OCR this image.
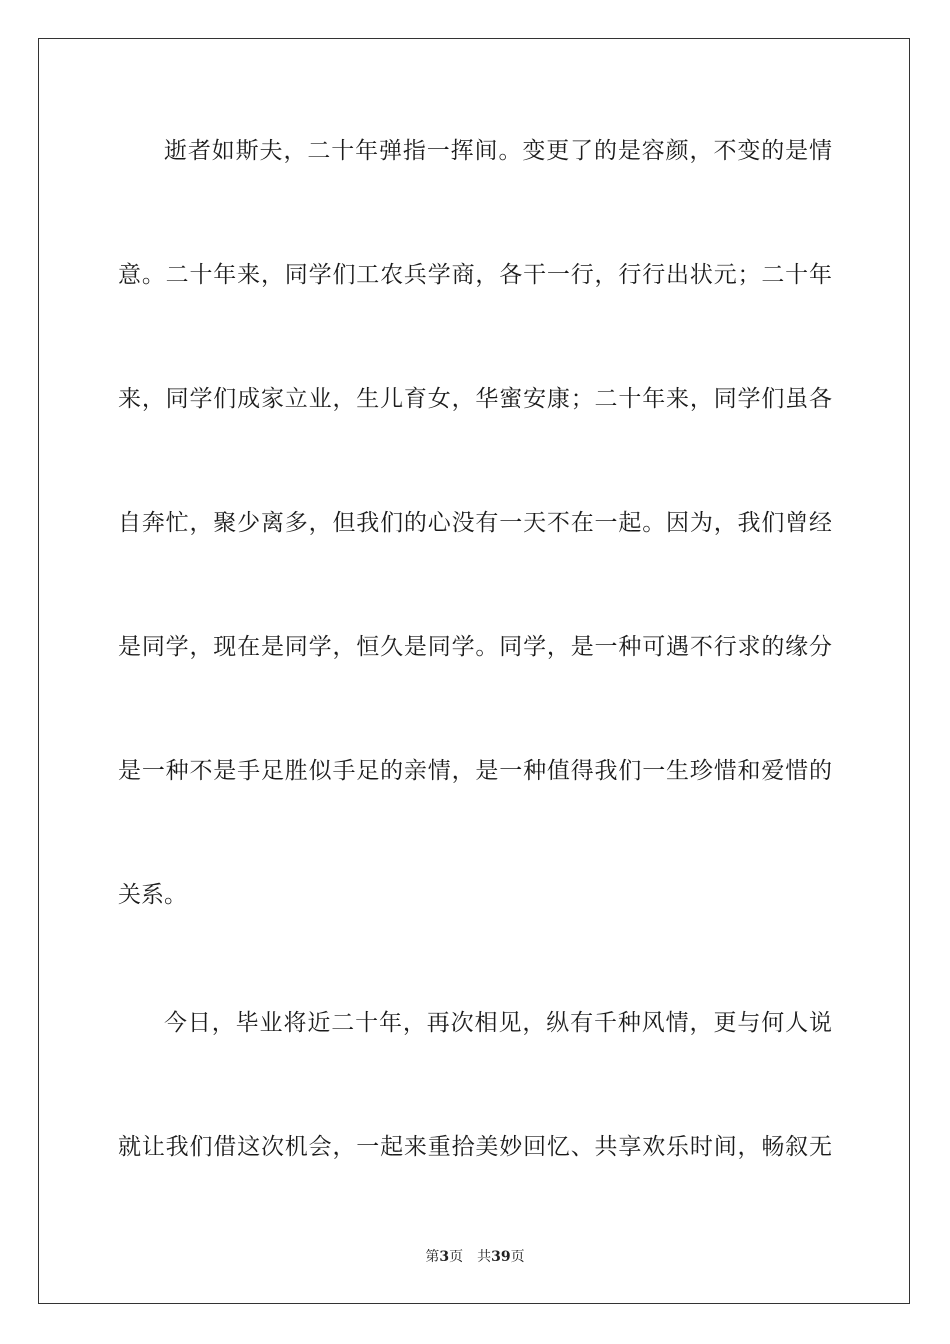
逝者如斯夫，二十年弹指一挥间。变更了的是容颜，不变的是情
意。二十年来，同学们工农兵学商，各干一行，行行出状元；二十年
来，同学们成家立业，生儿育女，华蜜安康；二十年来，同学们虽各
自奔忙，聚少离多，但我们的心没有一天不在一起。因为，我们曾经
是同学，现在是同学，恒久是同学。同学，是一种可遇不行求的缘分
是一种不是手足胜似手足的亲情，是一种值得我们一生珍惜和爱惜的
关系。
今日，毕业将近二十年，再次相见，纵有千种风情，更与何人说
就让我们借这次机会，一起来重拾美妙回忆、共享欢乐时间，畅叙无
第3页 共39页
